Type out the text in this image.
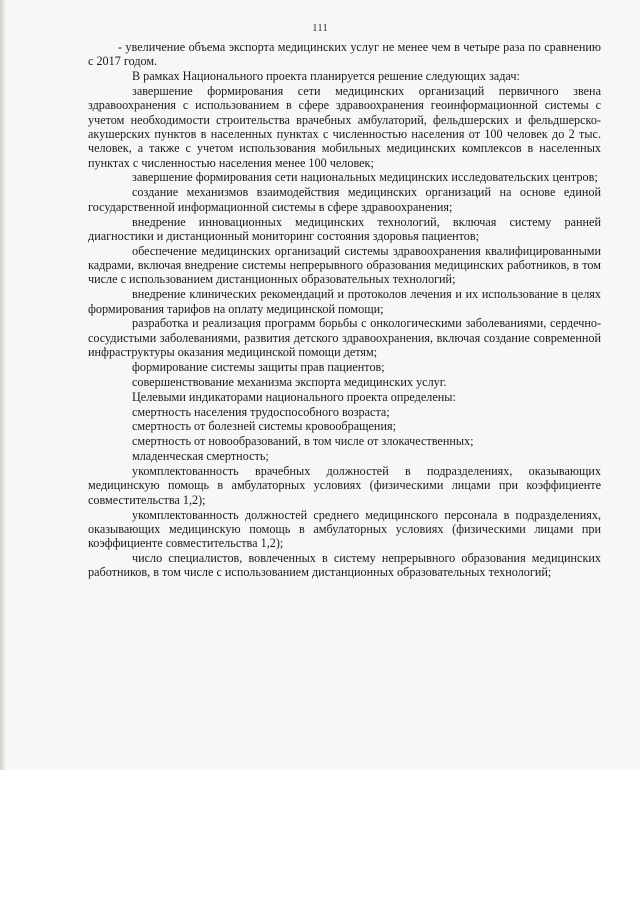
111

- увеличение объема экспорта медицинских услуг не менее чем в четыре раза по сравнению с 2017 годом.

В рамках Национального проекта планируется решение следующих задач:

завершение формирования сети медицинских организаций первичного звена здравоохранения с использованием в сфере здравоохранения геоинформационной системы с учетом необходимости строительства врачебных амбулаторий, фельдшерских и фельдшерско-акушерских пунктов в населенных пунктах с численностью населения от 100 человек до 2 тыс. человек, а также с учетом использования мобильных медицинских комплексов в населенных пунктах с численностью населения менее 100 человек;

завершение формирования сети национальных медицинских исследовательских центров;

создание механизмов взаимодействия медицинских организаций на основе единой государственной информационной системы в сфере здравоохранения;

внедрение инновационных медицинских технологий, включая систему ранней диагностики и дистанционный мониторинг состояния здоровья пациентов;

обеспечение медицинских организаций системы здравоохранения квалифицированными кадрами, включая внедрение системы непрерывного образования медицинских работников, в том числе с использованием дистанционных образовательных технологий;

внедрение клинических рекомендаций и протоколов лечения и их использование в целях формирования тарифов на оплату медицинской помощи;

разработка и реализация программ борьбы с онкологическими заболеваниями, сердечно-сосудистыми заболеваниями, развития детского здравоохранения, включая создание современной инфраструктуры оказания медицинской помощи детям;

формирование системы защиты прав пациентов;

совершенствование механизма экспорта медицинских услуг.

Целевыми индикаторами национального проекта определены:

смертность населения трудоспособного возраста;

смертность от болезней системы кровообращения;

смертность от новообразований, в том числе от злокачественных;

младенческая смертность;

укомплектованность врачебных должностей в подразделениях, оказывающих медицинскую помощь в амбулаторных условиях (физическими лицами при коэффициенте совместительства 1,2);

укомплектованность должностей среднего медицинского персонала в подразделениях, оказывающих медицинскую помощь в амбулаторных условиях (физическими лицами при коэффициенте совместительства 1,2);

число специалистов, вовлеченных в систему непрерывного образования медицинских работников, в том числе с использованием дистанционных образовательных технологий;
